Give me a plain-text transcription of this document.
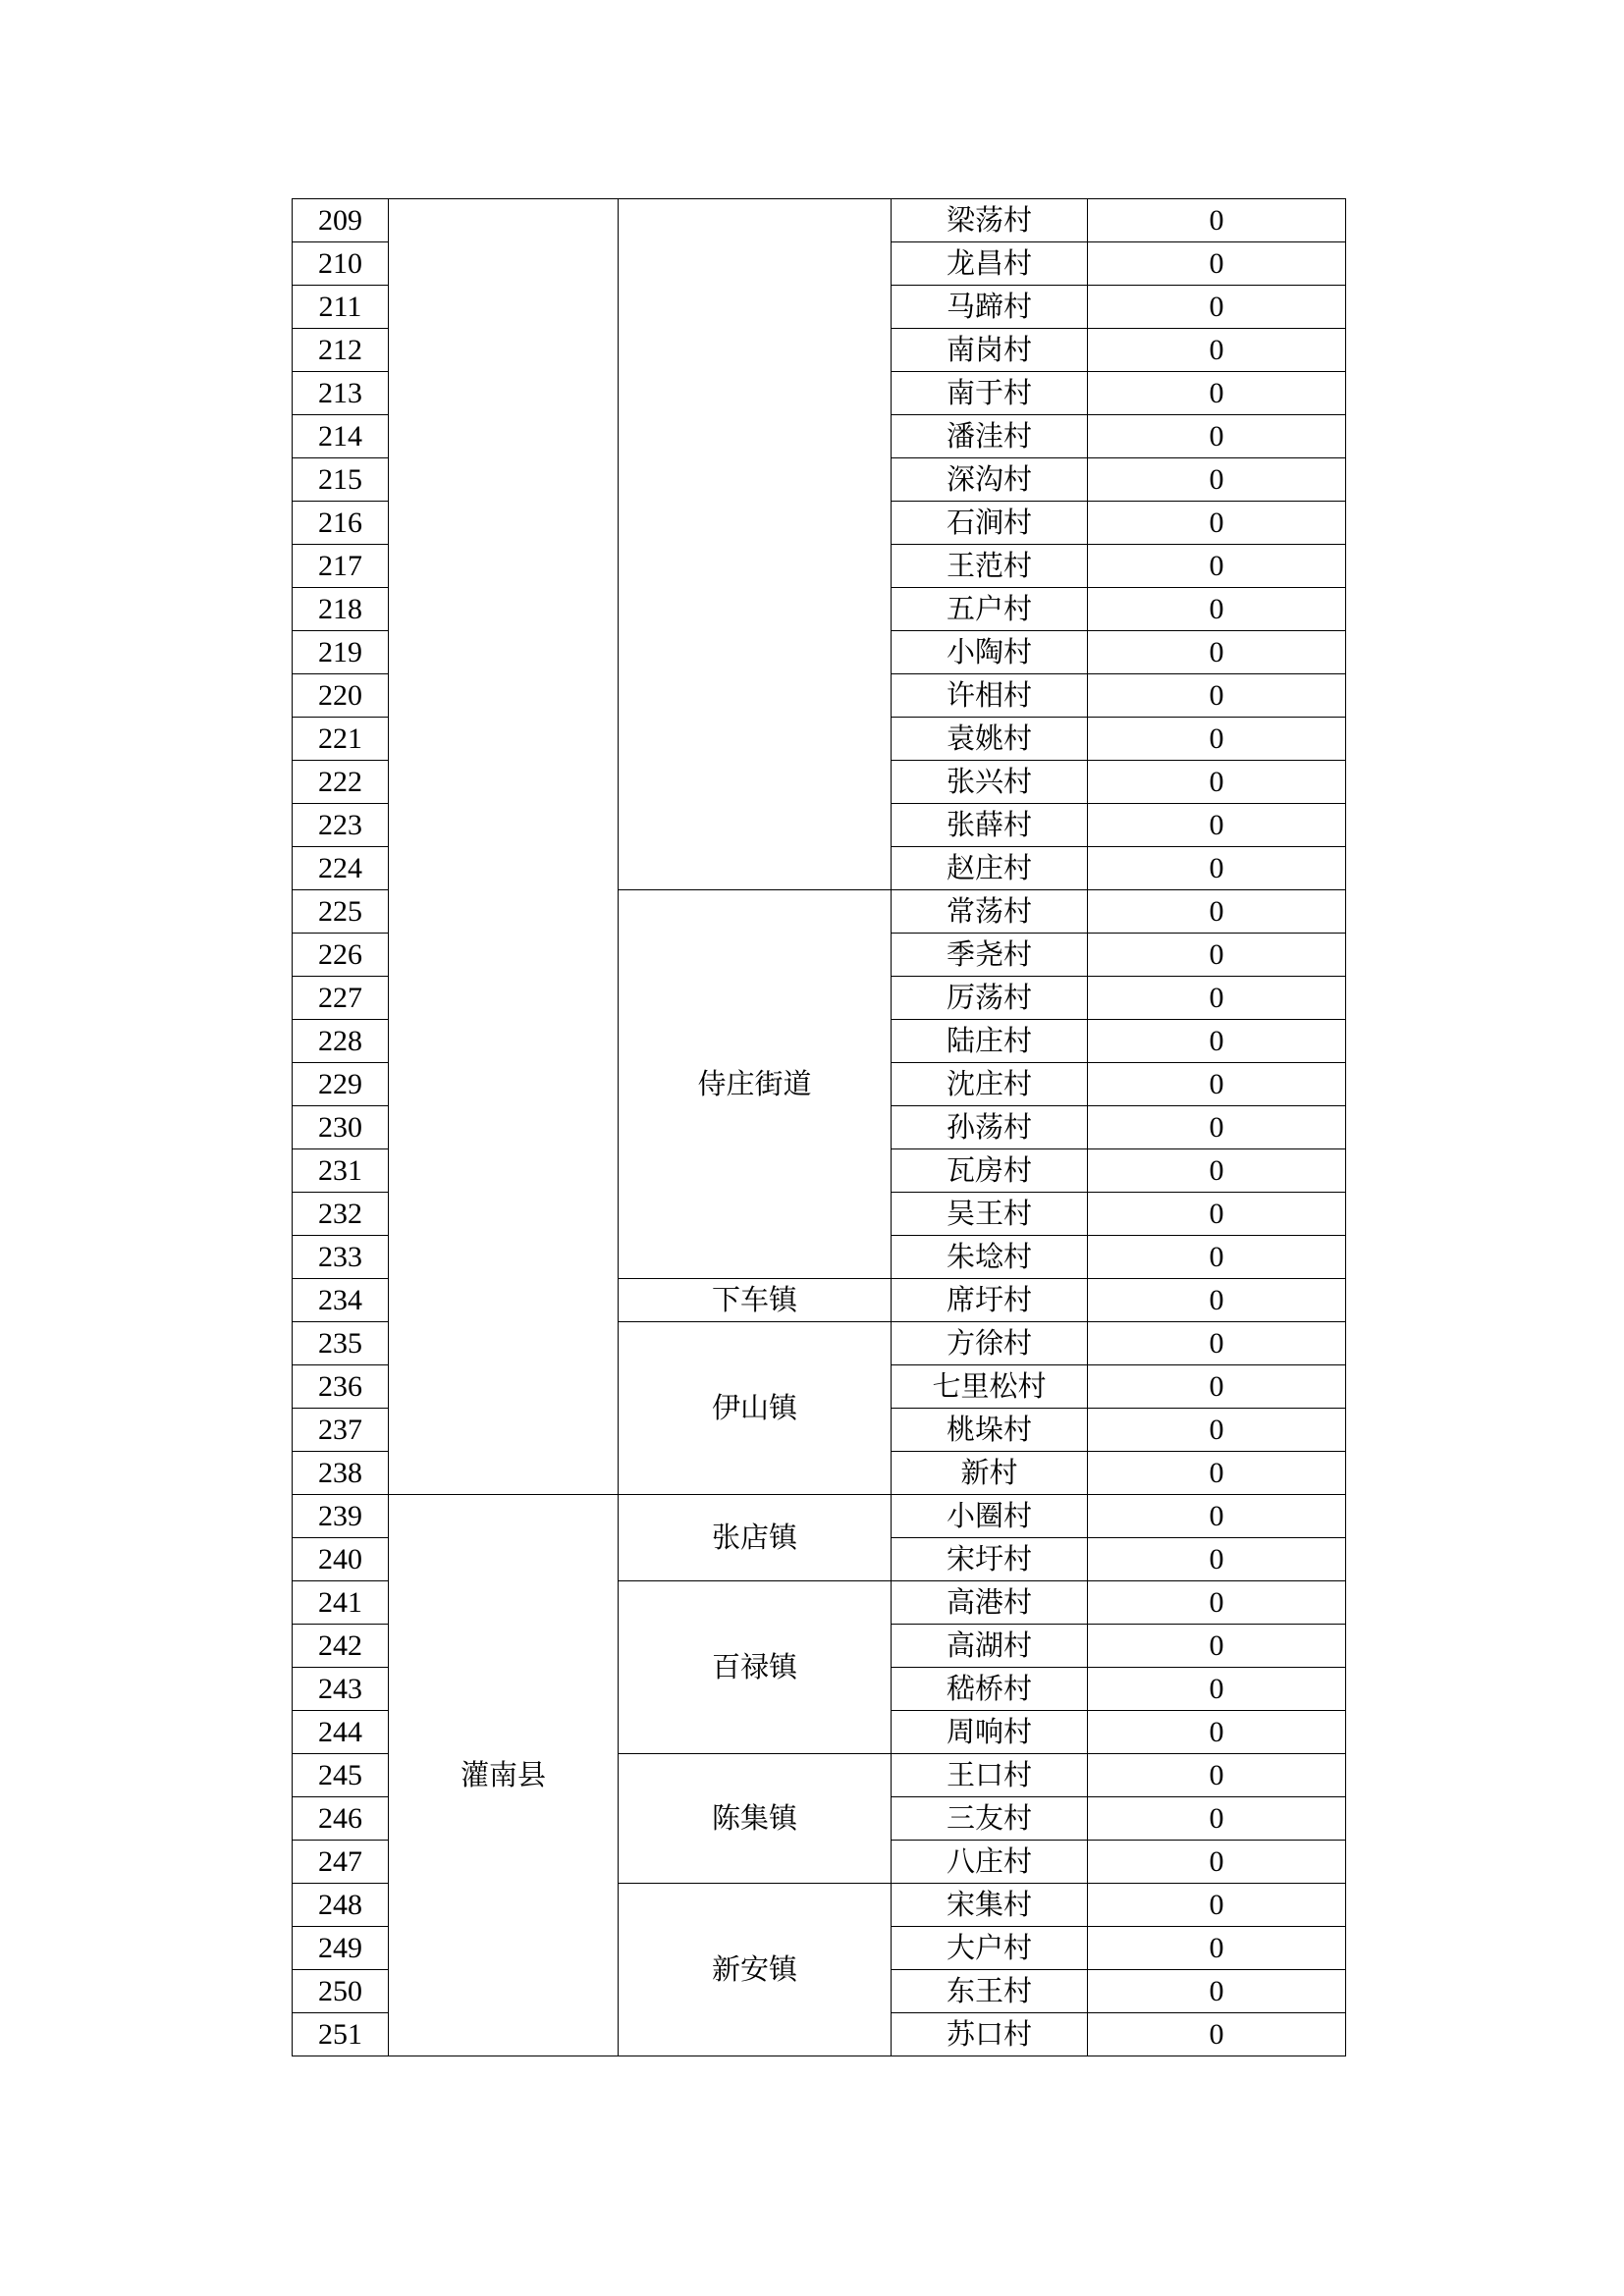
209			梁荡村	0
210			龙昌村	0
211			马蹄村	0
212			南岗村	0
213			南于村	0
214			潘洼村	0
215			深沟村	0
216			石涧村	0
217			王范村	0
218			五户村	0
219			小陶村	0
220			许相村	0
221			袁姚村	0
222			张兴村	0
223			张薛村	0
224			赵庄村	0
225		侍庄街道	常荡村	0
226			季尧村	0
227			厉荡村	0
228			陆庄村	0
229			沈庄村	0
230			孙荡村	0
231			瓦房村	0
232			吴王村	0
233			朱埝村	0
234		下车镇	席圩村	0
235		伊山镇	方徐村	0
236			七里松村	0
237			桃垛村	0
238			新村	0
239	灌南县	张店镇	小圈村	0
240			宋圩村	0
241		百禄镇	高港村	0
242			高湖村	0
243			嵇桥村	0
244			周响村	0
245		陈集镇	王口村	0
246			三友村	0
247			八庄村	0
248		新安镇	宋集村	0
249			大户村	0
250			东王村	0
251			苏口村	0
